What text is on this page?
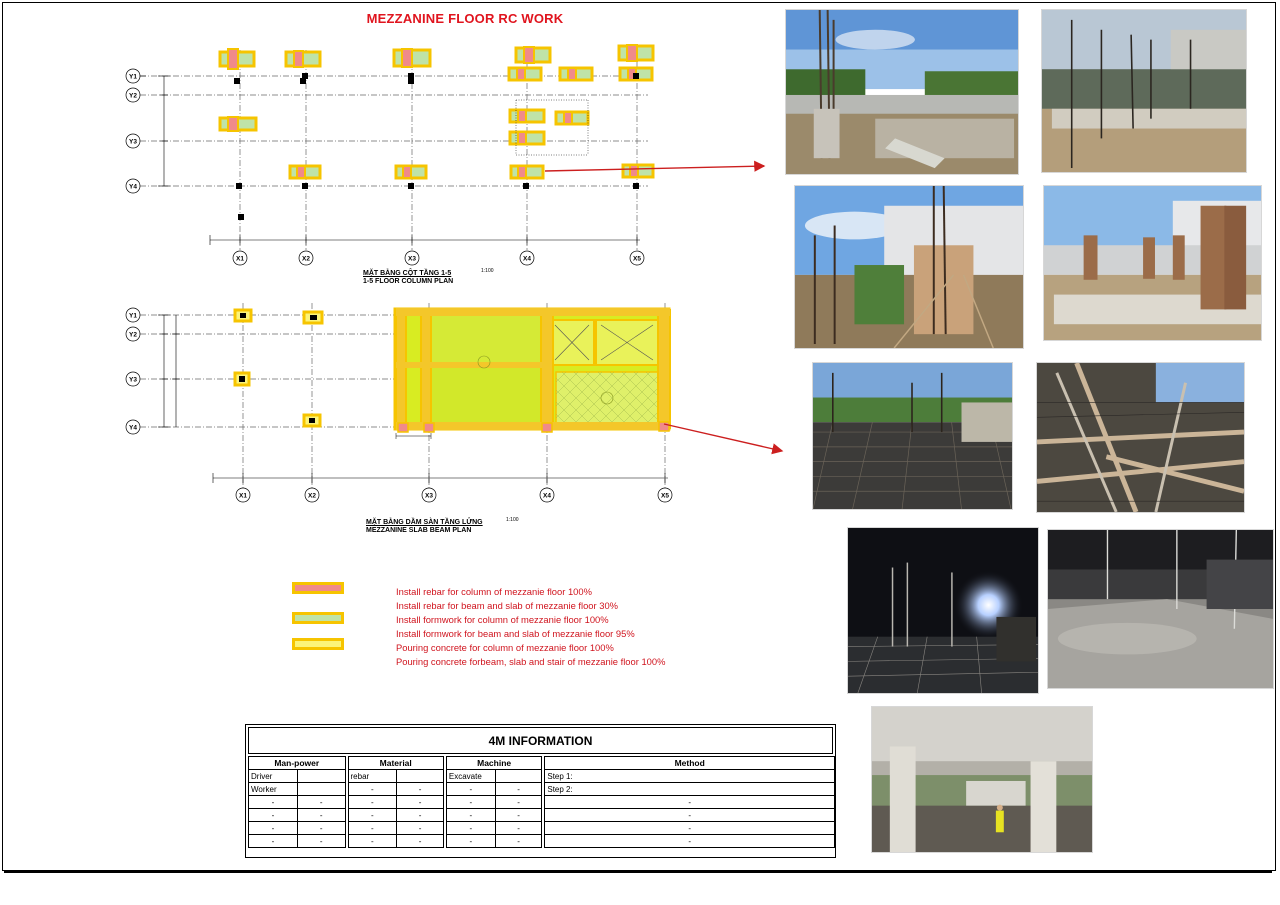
MEZZANINE FLOOR RC WORK
Y1
Y2
Y3
Y4
X1	X2	X3	X4	X5
MẶT BẰNG CỘT TẦNG 1-5
1-5 FLOOR COLUMN PLAN
1:100
Y1
Y2
Y3
Y4
X1	X2	X3	X4	X5
MẶT BẰNG DẦM SÀN TẦNG LỬNG
MEZZANINE SLAB BEAM PLAN
1:100
Install rebar for column of mezzanie floor 100%
Install rebar for beam and slab of mezzanie floor 30%
Install formwork for column of mezzanie floor 100%
Install formwork for beam and slab of mezzanie floor 95%
Pouring concrete for column of mezzanie floor 100%
Pouring concrete forbeam, slab and stair of mezzanie floor 100%
4M INFORMATION
Man-power			Material			Machine			Method
Driver			rebar			Excavate			Step 1:
Worker			-	-		-	-		Step 2:
-	-		-	-		-	-		-
-	-		-	-		-	-		-
-	-		-	-		-	-		-
-	-		-	-		-	-		-
